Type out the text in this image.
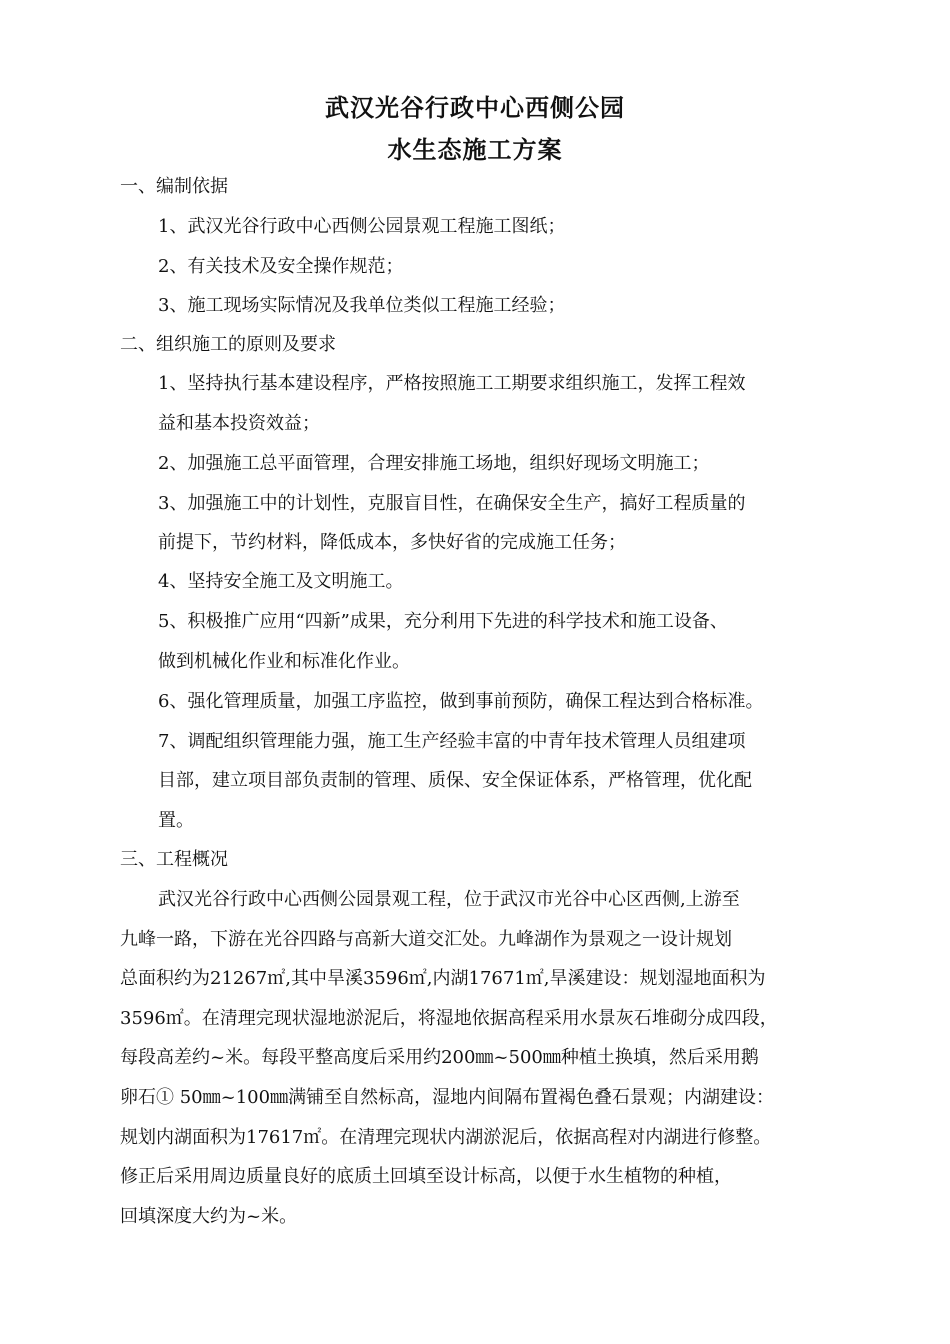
武汉光谷行政中心西侧公园
水生态施工方案
一、编制依据
1、武汉光谷行政中心西侧公园景观工程施工图纸；
2、有关技术及安全操作规范；
3、施工现场实际情况及我单位类似工程施工经验；
二、组织施工的原则及要求
1、坚持执行基本建设程序，严格按照施工工期要求组织施工，发挥工程效
益和基本投资效益；
2、加强施工总平面管理，合理安排施工场地，组织好现场文明施工；
3、加强施工中的计划性，克服盲目性，在确保安全生产，搞好工程质量的
前提下，节约材料，降低成本，多快好省的完成施工任务；
4、坚持安全施工及文明施工。
5、积极推广应用“四新”成果，充分利用下先进的科学技术和施工设备、
做到机械化作业和标准化作业。
6、强化管理质量，加强工序监控，做到事前预防，确保工程达到合格标准。
7、调配组织管理能力强，施工生产经验丰富的中青年技术管理人员组建项
目部，建立项目部负责制的管理、质保、安全保证体系，严格管理，优化配
置。
三、工程概况
武汉光谷行政中心西侧公园景观工程，位于武汉市光谷中心区西侧,上游至
九峰一路，下游在光谷四路与高新大道交汇处。九峰湖作为景观之一设计规划
总面积约为21267㎡,其中旱溪3596㎡,内湖17671㎡,旱溪建设：规划湿地面积为
3596㎡。在清理完现状湿地淤泥后，将湿地依据高程采用水景灰石堆砌分成四段，
每段高差约~米。每段平整高度后采用约200㎜~500㎜种植土换填，然后采用鹅
卵石① 50㎜~100㎜满铺至自然标高，湿地内间隔布置褐色叠石景观；内湖建设：
规划内湖面积为17617㎡。在清理完现状内湖淤泥后，依据高程对内湖进行修整。
修正后采用周边质量良好的底质土回填至设计标高，以便于水生植物的种植，
回填深度大约为~米。
